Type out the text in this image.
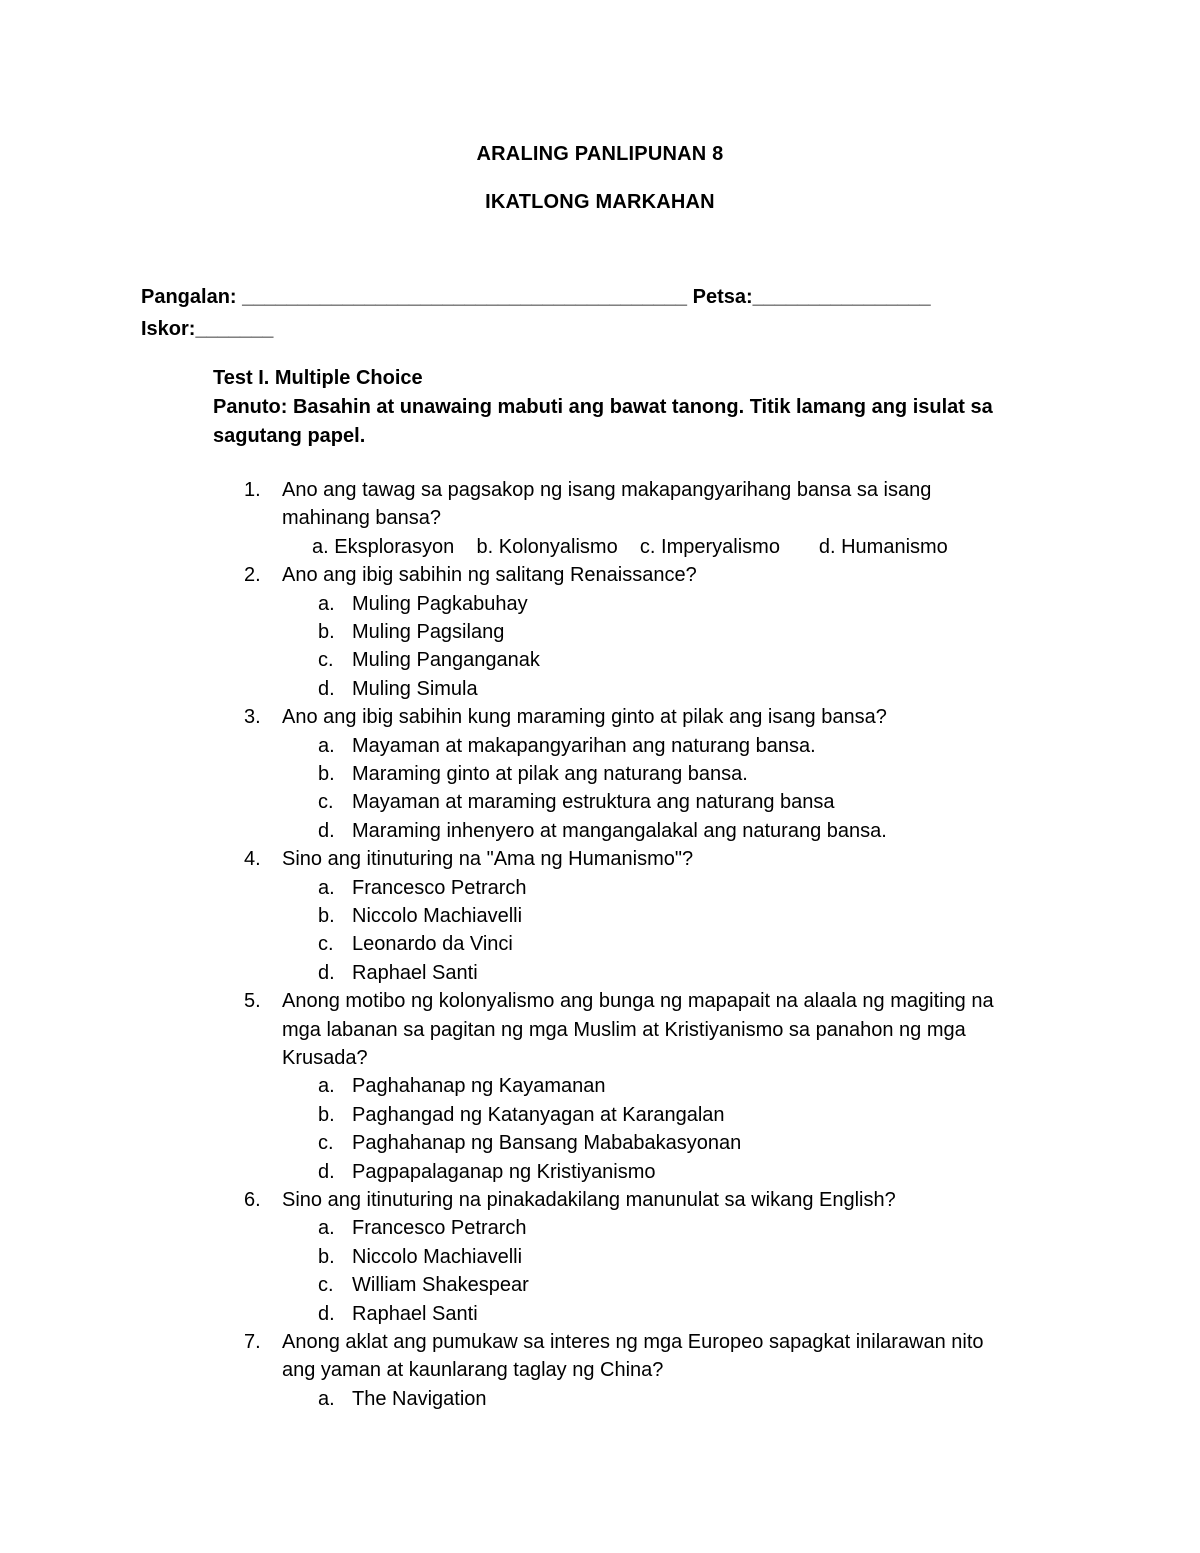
ARALING PANLIPUNAN 8
IKATLONG MARKAHAN
Pangalan: ________________________________________ Petsa:________________
Iskor:_______
Test I. Multiple Choice
Panuto: Basahin at unawaing mabuti ang bawat tanong. Titik lamang ang isulat sa sagutang papel.
1.	Ano ang tawag sa pagsakop ng isang makapangyarihang bansa sa isang
mahinang bansa?
a. Eksplorasyon    b. Kolonyalismo    c. Imperyalismo       d. Humanismo
2.	Ano ang ibig sabihin ng salitang Renaissance?
a. Muling Pagkabuhay
b. Muling Pagsilang
c. Muling Panganganak
d. Muling Simula
3.	Ano ang ibig sabihin kung maraming ginto at pilak ang isang bansa?
a. Mayaman at makapangyarihan ang naturang bansa.
b. Maraming ginto at pilak ang naturang bansa.
c. Mayaman at maraming estruktura ang naturang bansa
d. Maraming inhenyero at mangangalakal ang naturang bansa.
4.	Sino ang itinuturing na "Ama ng Humanismo"?
a. Francesco Petrarch
b. Niccolo Machiavelli
c. Leonardo da Vinci
d. Raphael Santi
5.	Anong motibo ng kolonyalismo ang bunga ng mapapait na alaala ng magiting na
mga labanan sa pagitan ng mga Muslim at Kristiyanismo sa panahon ng mga
Krusada?
a. Paghahanap ng Kayamanan
b. Paghangad ng Katanyagan at Karangalan
c. Paghahanap ng Bansang Mababakasyonan
d. Pagpapalaganap ng Kristiyanismo
6.	Sino ang itinuturing na pinakadakilang manunulat sa wikang English?
a. Francesco Petrarch
b. Niccolo Machiavelli
c. William Shakespear
d. Raphael Santi
7.	Anong aklat ang pumukaw sa interes ng mga Europeo sapagkat inilarawan nito
ang yaman at kaunlarang taglay ng China?
a. The Navigation
